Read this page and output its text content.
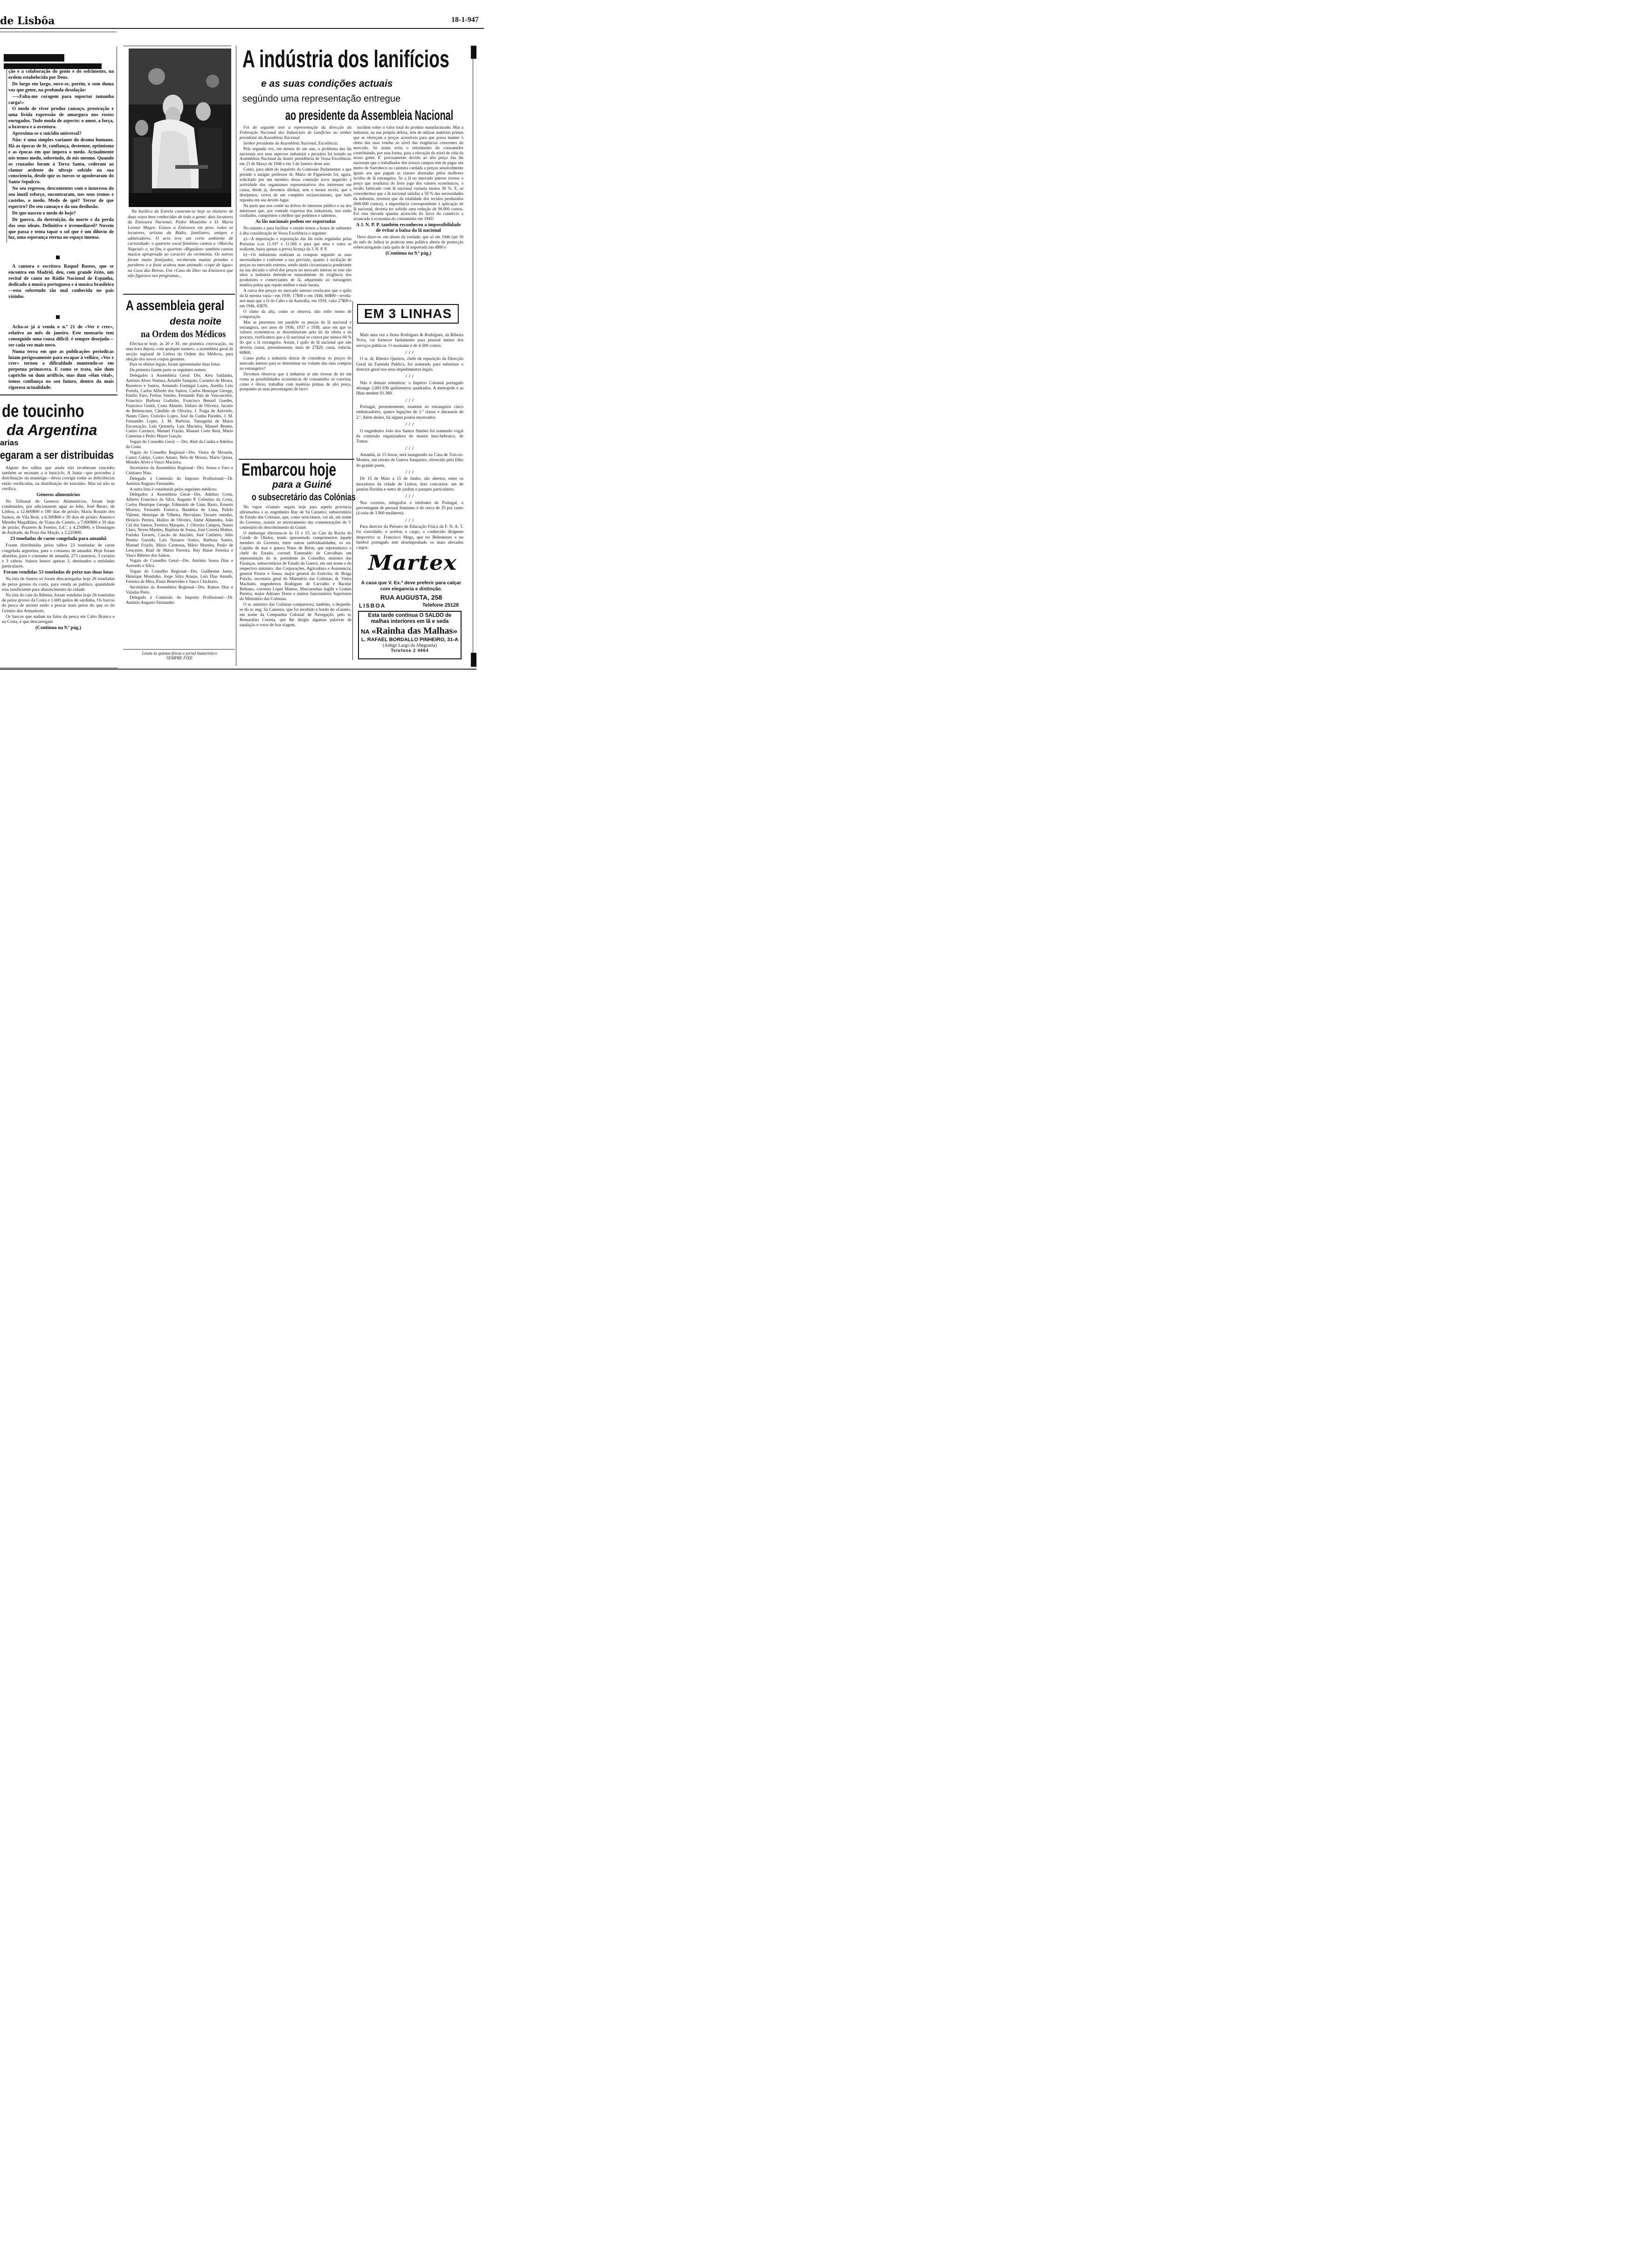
de Lisbôa	18-1-947

ção e a colaboração do genio e do sofrimento, na ordem estabelecida por Deus.

De largo em largo, ouve-se, porém, o som duma voz que geme, na profunda desolação:

—«Falta-me coragem para suportar tamanha carga!»

O medo de viver produz cansaço, prostração e uma livida expressão de amargura nos rostos enrugados. Tudo muda de aspecto: o amor, a força, a bravura e a aventura.

Aproxima-se o suicidio universal?

Não: é uma simples variante do drama humano. Há as épocas de fé, confiança, destemor, optimismo e as épocas em que impera o medo. Actualmente nós temos medo, sobretudo, de nós mesmo. Quando os cruzados foram á Terra Santa, cederam ao clamor ardente do ultraje sofrido na sua consciencia, desde que os turcos se apoderaram do Santo Sepulcro.

No seu regresso, descontentes com o insucesso do seu inutil esforço, encontraram, nos seus tronos e castelos, o medo. Medo de quê? Terror de que espectro? Do seu cansaço e da sua desilusão.

De que nasceu o medo de hoje?

De guerra, da destruição, da morte e da perda dos seus ideais. Definitivo e irremediavel? Nuvem que passa e tenta tapar o sol que é um diluvio de luz, uma esperança eterna no espaço imenso.

A cantora e escritora Raquel Bastos, que se encontra em Madrid, deu, com grande êxito, um recital de canto no Rádio Nacional de Espanha, dedicado á musica portuguesa e á musica brasileira—esta sobretudo tão mal conhecida no país vizinho.

Acha-se já á venda o n.º 21 de «Ver e crer», relativo ao mês de janeiro. Este mensario tem conseguido uma cousa dificil: é sempre desejada—ser cada vez mais novo.

Numa terra em que as publicações periodicas lutam perigosamente para escapar á velhice, «Ver e crer» tornou a dificuldade mantendo-se em perpetua primavera. E como se trata, não dum capricho ou dum artificio, mas dum «élan vital», temos confiança no seu futuro, dentro da mais rigorosa actualidade.

de toucinho
da Argentina
arias
egaram a ser distribuidas

Alguns dos talhos que ainda não receberam toucinho também se recusam a ir buscá-lo. A Junta—que procedeu á distribuição da manteiga—devia corrigir todas as deficiências então verificadas, na distribuição do toucinho. Mas tal não se verifica.

Géneros alimentícios

No Tribunal de Generos Alimenticios, foram hoje condenados, por adicionarem agua ao leite, José Bento, de Lisboa, a 12.600$00 e 180 dias de prisão; Maria Rosado dos Santos, de Vila Real, a 6.300$00 e 30 dias de prisão; Americo Mendes Magalhães, de Viana do Castelo, a 7.000$00 e 30 dias de prisão; Prazeres & Fereiro, Ld.ª, a 4.250$00, e Domingos de Andrade, da Praia das Maçãs, a 3.225$00.

23 toneladas de carne congelada para amanhã

Foram distribuidas pelos talhos 23 toneladas de carne congelada argentina, para o consumo de amanhã. Hoje foram abatidos, para o consumo de amanhã, 273 carneiros, 3 cavalos e 3 cabras. Suinos houve apenas 3, destinados a entidades particulares.

Foram vendidas 53 toneladas de peixe nas duas lotas

Na lota de Santos só foram descarregadas hoje 26 toneladas de peixe grosso da costa, para venda ao publico, quantidade esta insuficiente para abastecimento da cidade.

Na lota do cais da Ribeira, foram vendidas hoje 26 toneladas de peixe grosso da Costa e 1.600 quilos de sardinha. Os barcos da pesca de arrasto estão a pescar mais peixe do que os do Grémio dos Armadores.

Os barcos que andam na faina da pesca em Cabo Branco e na Costa, e que descarregam

(Continua na 9.ª pág.)

Na basílica da Estrela casaram-se hoje os titulares de duas vozes bem conhecidas de toda a gente: dois locutores da Emissora Nacional, Pedro Moutinho e D. Maria Leonor Magro. Estava a Emissora em peso, todos os locutores, artistas da Rádio, familiares, amigos e admiradores. O acto teve um certo ambiente de curiosidade: o quarteto vocal feminino cantou a «Marcha Nupcial» e, no fim, o quarteto «Riguidon» também cantou musica apropriada ao caracter da cerimónia. Os noivos foram muito festejados, receberam muitas prendas e parabens e a festa acabou num animado «copo de água» na Casa das Beiras. Um «Caso do Dia» na Emissora que não figurava nos programas...

A assembleia geral
desta noite
na Ordem dos Médicos

Efectua-se hoje, ás 20 e 30, em primeira convocação, ou uma hora depois, com qualquer numero, a assembleia geral da secção regional de Lisboa da Ordem dos Médicos, para eleição dos novos corpos gerentes.

Para os efeitos legais, foram apresentadas duas listas.

Da primeira fazem parte os seguintes nomes:

Delegados á Assembleia Geral: Drs. Aleu Saldanha, António Alves Ventura, Arnaldo Sampaio, Carneiro de Moura, Barreiros e Santos, Armando Formigal Luzes, Aurélio Lelo Portela, Carlos Alfredo dos Santos, Carlos Henrique George, Emilio Faro, Freitas Simões, Fernando Pais de Vasconcelos, Francisco Barbosa Godinho, Francisco Benard Guedes, Francisco Gentil, Costa Alemão, Idalino de Oliveira, Jacinto de Bettencourt, Cândido de Oliveira, J. Fraga de Azevedo, Nunes Claro, Craveiro Lopes, José da Cunha Paredes, J. M. Fernandes Lopes, J. M. Barbosa, Tamagnini de Matos Encarnação, Luís Quintela, Luís Macieira, Manuel Bentes, Caeiro Carrasco, Manuel Frazão, Manuel Corte Real, Mário Carmona e Pedro Mayer Garção.

Vogais do Conselho Geral — Drs. Abel da Cunha e Adelino da Costa.

Vogais do Conselho Regional—Drs. Vieira de Miranda, Castro Caldas, Castro Amaro, Belo de Morais, Mario Quina, Mendes Alves e Vasco Macieira.

Secretários da Assembleia Regional—Drs. Sousa e Faro e Cristiano Nina.

Delegado á Comissão do Imposto Profissional—Dr. António Augusto Fernandes.

A outra lista é constituida pelos seguintes médicos:

Delegados á Assembleia Geral—Drs. Adelino Costa, Alberto Francisco da Silva, Augusto P. Celestino da Costa, Carlos Henrique George, Edmundo de Lima Basto, Ernesto Moreira, Fernando Fonseca, Bandeira de Lima, Pulido Valente, Henrique de Vilhena, Herculano Tavares outinho, Horácio Pereira, Idalino de Oliveira, Jaime Almendra, João Cid dos Santos, Ferreira Marques, J. Oliveira Campos, Nunes Claro, Neves Martins, Baptista de Sousa, José Correia Maltez, Farinha Tavares, Cascão de Anciães, José Cutileiro, Júlio Pereira Garrido, Luís Navarro Soeiro, Barbosa Soeiro, Manuel Frazão, Mário Carmona, Mário Moreira, Paulo de Lencastre, Raul de Matos Ferreira, Ruy Hasse Ferreira e Vasco Ribeiro dos Santos.

Vogais do Conselho Geral—Drs. António Sousa Dias e Azevedo e Silva.

Vogais do Conselho Regional—Drs. Guilherme Jaenz, Henrique Moutinho, Jorge Silva Araujo, Luís Dias Amado, Ferreira de Mira, Paulo Benevides e Vasco Chichorro.

Secretários da Assembleia Regional—Drs. Ramos Dias e Valadas Preto.

Delegado á Comissão do Imposto Profissional—Dr. António Augusto Fernandes.

Leiam ás quintas-feiras o jornal humoristico
SEMPRE FIXE
A indústria dos lanifícios
e as suas condições actuais
segúndo uma representação entregue
ao presidente da Assembleia Nacional

Foi do seguinte teor a representação da direcção da Federação Nacional dos Industriais de Lanifícios ao senhor presidente da Assembleia Nacional:

Senhor presidente da Assembleia Nacional, Excelência:

Pela segunda vez, em menos de um ano, o problema das lãs nacionais nos seus aspectos industrial e pecuário foi tratado na Assembleia Nacional da ilustre presidência de Vossa Excelência: em 23 de Março de 1946 e em 3 de Janeiro deste ano.

Como, para além do inquérito da Comissão Parlamentar a que preside o insigne professor dr. Mário de Figueiredo foi, agora, solicitado por um membro dessa comissão novo inquérito á actividade dos organismos representativos dos interesses em causa, desde já, devemos afirmar, sem o menor receio, que o desejamos, certos de um completo esclarecimento, que tudo reponha em seu devido lugar.

Na parte que nos coube na defesa do interesse publico e na dos interesses que, por vontade expressa dos industriais, nos estão confiados, cumprimos o melhor que podemos e sabemos.

As lãs nacionais podem ser exportadas

No entanto e para facilitar o estudo temos a honra de submeter á alta consideração de Vossa Excelência o seguinte:

a)—A importação e exportação das lãs estão reguladas pelas Portarias n.os 11.197 e 11.566 e para que uma e outra se realizem, basta apenas a prévia licença da J. N. P. P.

b)—Os industriais realizam as compras segundo as suas necessidades e conforme a sua previsão, quanto á oscilação de preços no mercado externo, sendo ainda circunstancia ponderante na sua decisão o nível dos preços no mercado interno se este são altos a industria defende-se naturalmente da exigência dos produtores e comerciantes de lã, adquirindo no estrangeiro matéria prima que repute melhor e mais barata.

A curva dos preços no mercado interno revela-nos que o quilo da lã merina varia—em 1939, 17$00 e em 1946, 60$00—revela-nos mais que a lã do Cabo e da Austrália, em 1939, valia 27$00 e em 1946, 43$70.

O ritmo da alta, como se observa, não sofre termo de comparação.

Mas se pusermos em paralelo os preços da lã nacional e estrangeira, nos anos de 1936, 1937 e 1938, anos em que os valores económicos se determinavam pela lei da oferta e da procura, verificamos que a lã nacional se cotava por menos 60 % do que a lã estrangeira. Assim, I quilo de lã nacional que não deveria custar, presentemente, mais de 27$20, custa, todavia, 60$00.

Como podia a industria deixar de considerar os preços do mercado interno para se determinar no volume das suas compras no estrangeiro?

Devemos observar que á industria se não tivesse de ter em conta as possibilidades económicas do consumidor só conviria, como é óbvio, trabalhar com matérias primas de alto preço, porquanto as suas percentagens de lucro

incidem sobre o valor total do produto manufacturado. Mas a industria, na sua própria defesa, tem de utilizar matérias primas que se ofereçam a preços acessíveis para que possa manter o ritmo das suas vendas ao nível das exigências crescentes do mercado. Só assim evita o retraimento do consumidor contribuindo, por esta forma, para a elevação do nível de vida da nossa gente. E' precisamente devido ao alto preço das lãs nacionais que o trabalhador dos nossos campos tem de pagar um metro de Surrobeco ou casimira cardada a preços sensivelmente iguais aos que pagam as classes abastadas pelos melhores tecidos de lã estrangeira. Se a lã no mercado interno tivesse o preço que resultaria do livre jogo dos valores económicos, o tecido fabricado com lã nacional custaria menos 30 %. E, se concedermos que a lã nacional satisfaz a 50 % das necessidades da industria, teremos que da totalidade dos tecidos produzidos (600.000 contos), a importância correspondente á aplicação de lã nacional, deveria ter sofrido uma redução de 90.000 contos. Foi esta elevada quantia acrescida do lucro do comércio a arrancada á economia do consumidor em 1945!

A J. N. P. P. também reconheceu a impossibilidade de evitar a baixa da lã nacional

Deve dizer-se, em abono da verdade, que só em 1946 (até 30 do mês de Julho) se praticou uma política aberta de protecção sobrecarregando cada quilo de lã importada em 4$00 e

(Continua na 9.ª pág.)
EM 3 LINHAS

Mais uma vez a firma Rodrigues & Rodrigues, da Ribeira Nova, vai fornecer fardamento para pessoal menor dos serviços públicos. O montante é de 4.500 contos.

/ / /

O sr. dr. Ribeiro Queirós, chefe de repartição da Direcção Geral da Fazenda Publica, foi nomeado para substituir o director geral nos seus impedimentos legais.

/ / /

Não é demais relembrar: o Império Colonial português abrange 2.081.936 quilómetros quadrados. A metropole e as Ilhas medem 91.360.

/ / /

Portugal, presentemente, mantem no estrangeiro cinco embaixadores, quatro legações de 1.ª classe e dezasseis de 2.ª. Além destes, há alguns postos encerrados.

/ / /

O engenheiro João dos Santos Simões foi nomeado vogal da comissão organizadora do museu luso-hebraico, de Tomar.

/ / /

Amanhã, ás 15 horas, será inaugurado na Casa de Trás-os-Montes, um retrato de Guerra Junqueiro, oferecido pelo filho do grande poeta.

/ / /

De 15 de Maio a 15 de Junho, são abertos, entre os moradores da cidade de Lisboa, dois concursos: um de janelas floridas e outro de jardins e parques particulares.

/ / /

Nos correios, telegrafos e telefones de Portugal, a percentagem de pessoal feminino é de cerca de 35 por cento (á roda de 3.900 mulheres).

/ / /

Para director do Pelouro de Educação Fisica da F. N. A. T. foi convidado, e aceitou o cargo, o conhecido dirigente desportivo sr. Francisco Mega, que no Belenenses e no futebol português tem desempenhado os mais elevados cargos.

Martex
A casa que V. Ex.ª deve preferir para calçar com elegancia e distinção.
RUA AUGUSTA, 258
LISBOA	Telefone 25128
Esta tarde continua O SALDO de malhas interiores em lã e seda
NA «Rainha das Malhas»
L. RAFAEL BORDALLO PINHEIRO, 31-A
(Antigo Largo da Abegoaria)
Telefone 2 4864
Embarcou hoje
para a Guiné
o subsecretário das Colónias

No vapor «Guiné» seguiu hoje para aquela provincia ultramarina o sr. engenheiro Ruy de Sá Carneiro, subsecretário de Estado das Colónias, que, como noticiámos, vai ali, em nome do Governo, assistir ao encerramento das comemorações do V centenário do descobrimento da Guiné.

O embarque efectuou-se ás 15 e 15, no Cais da Rocha do Conde de Óbidos, tendo apresentado cumprimentos áquele membro do Governo, entre outras individualidades, os srs. Capitão de mar e guerra Nuno de Brion, que representava o chefe do Estado; coronel Esmeraldo de Carvalhais em representação do sr. presidente do Conselho; ministro das Finanças, subsecretários de Estado da Guerra, em seu nome e do respectivo ministro; das Corporações, Agricultura e Assistencia; general Passos e Sousa, major general do Exército; dr. Braga Paixão, secretário geral do Ministério das Colónias; dr. Vieira Machado, engenheiros Rodrigues de Carvalho e Bacelar Bebiano, coroneis Lopes Mateus, Mascarenhas Inglês e Gomes Pereira; major Adriano Dores e muitos funcionários Superiores do Ministério das Colónias.

O sr. ministro das Colónias compareceu, também, a despedir-se do sr. eng. Sá Carneiro, que foi recebido a bordo do «Guiné», em nome da Companhia Colonial de Navegação, pelo sr. Bernardino Correia, que lhe dirigiu algumas palavras de saudação e votos de boa viagem.
